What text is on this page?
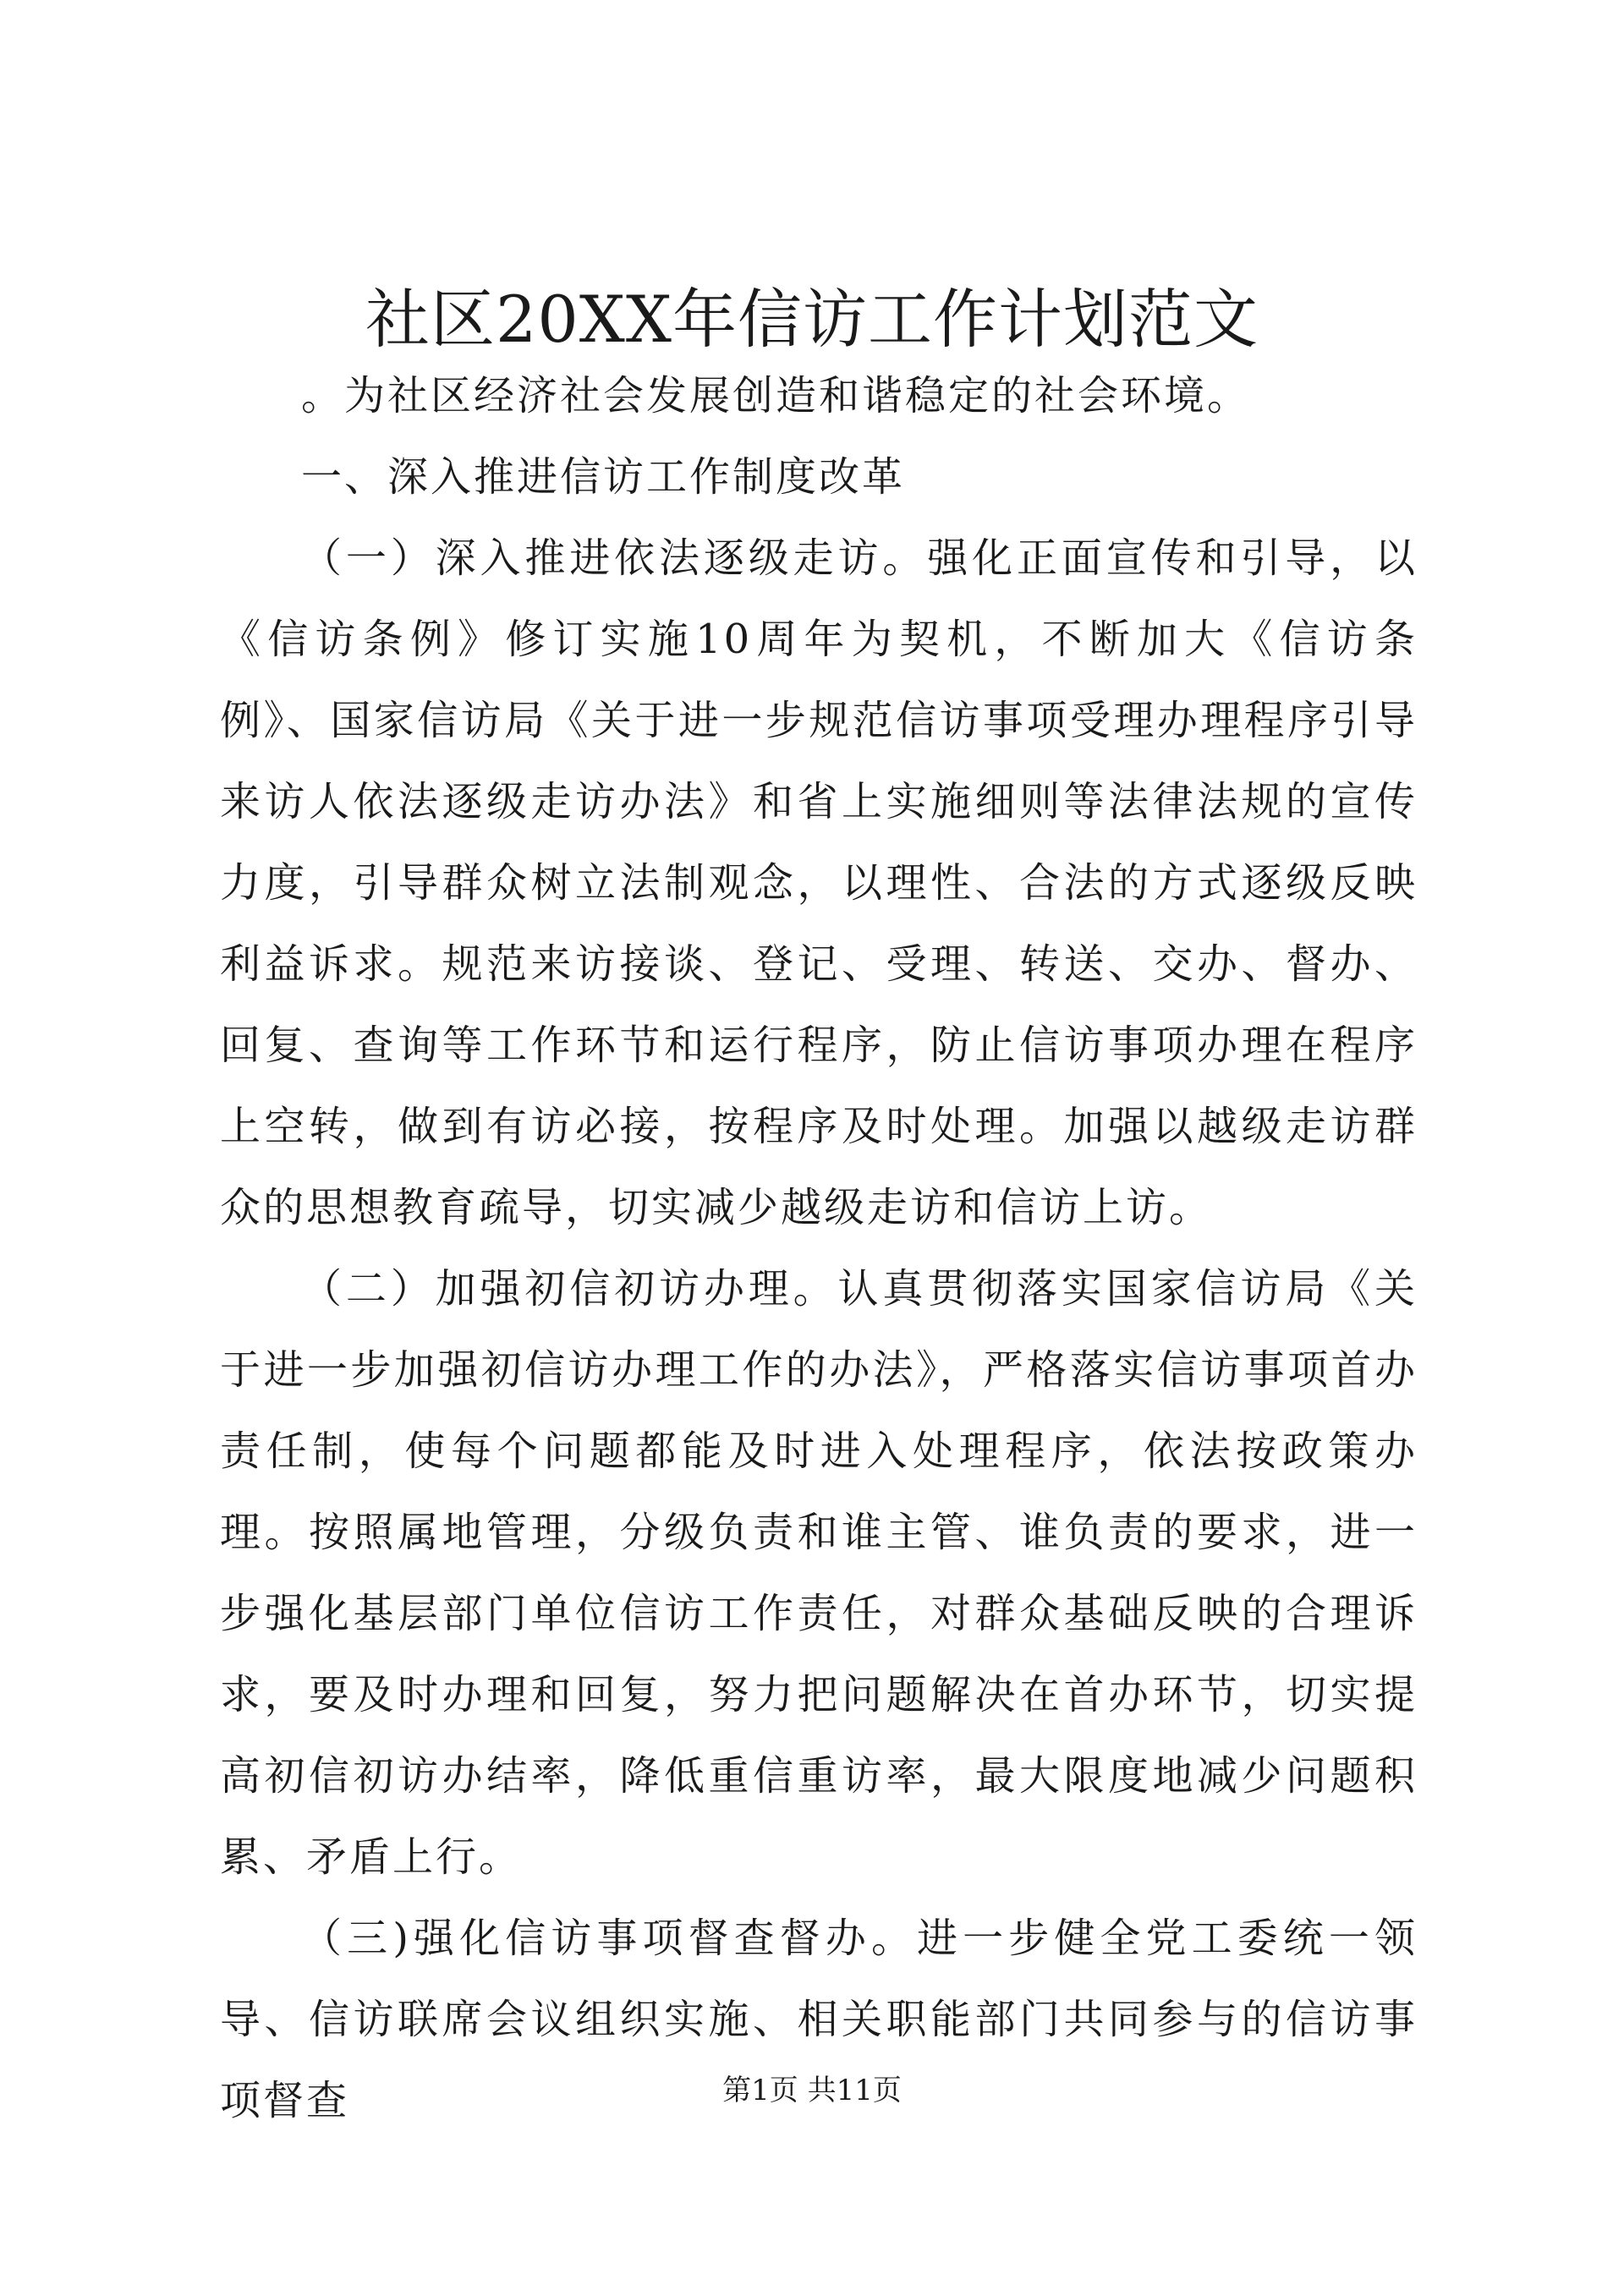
社区20XX年信访工作计划范文

。为社区经济社会发展创造和谐稳定的社会环境。

一、深入推进信访工作制度改革

（一）深入推进依法逐级走访。强化正面宣传和引导，以《信访条例》修订实施10周年为契机，不断加大《信访条例》、国家信访局《关于进一步规范信访事项受理办理程序引导来访人依法逐级走访办法》和省上实施细则等法律法规的宣传力度，引导群众树立法制观念，以理性、合法的方式逐级反映利益诉求。规范来访接谈、登记、受理、转送、交办、督办、回复、查询等工作环节和运行程序，防止信访事项办理在程序上空转，做到有访必接，按程序及时处理。加强以越级走访群众的思想教育疏导，切实减少越级走访和信访上访。

（二）加强初信初访办理。认真贯彻落实国家信访局《关于进一步加强初信访办理工作的办法》，严格落实信访事项首办责任制，使每个问题都能及时进入处理程序，依法按政策办理。按照属地管理，分级负责和谁主管、谁负责的要求，进一步强化基层部门单位信访工作责任，对群众基础反映的合理诉求，要及时办理和回复，努力把问题解决在首办环节，切实提高初信初访办结率，降低重信重访率，最大限度地减少问题积累、矛盾上行。

（三)强化信访事项督查督办。进一步健全党工委统一领导、信访联席会议组织实施、相关职能部门共同参与的信访事项督查	第1页 共11页
